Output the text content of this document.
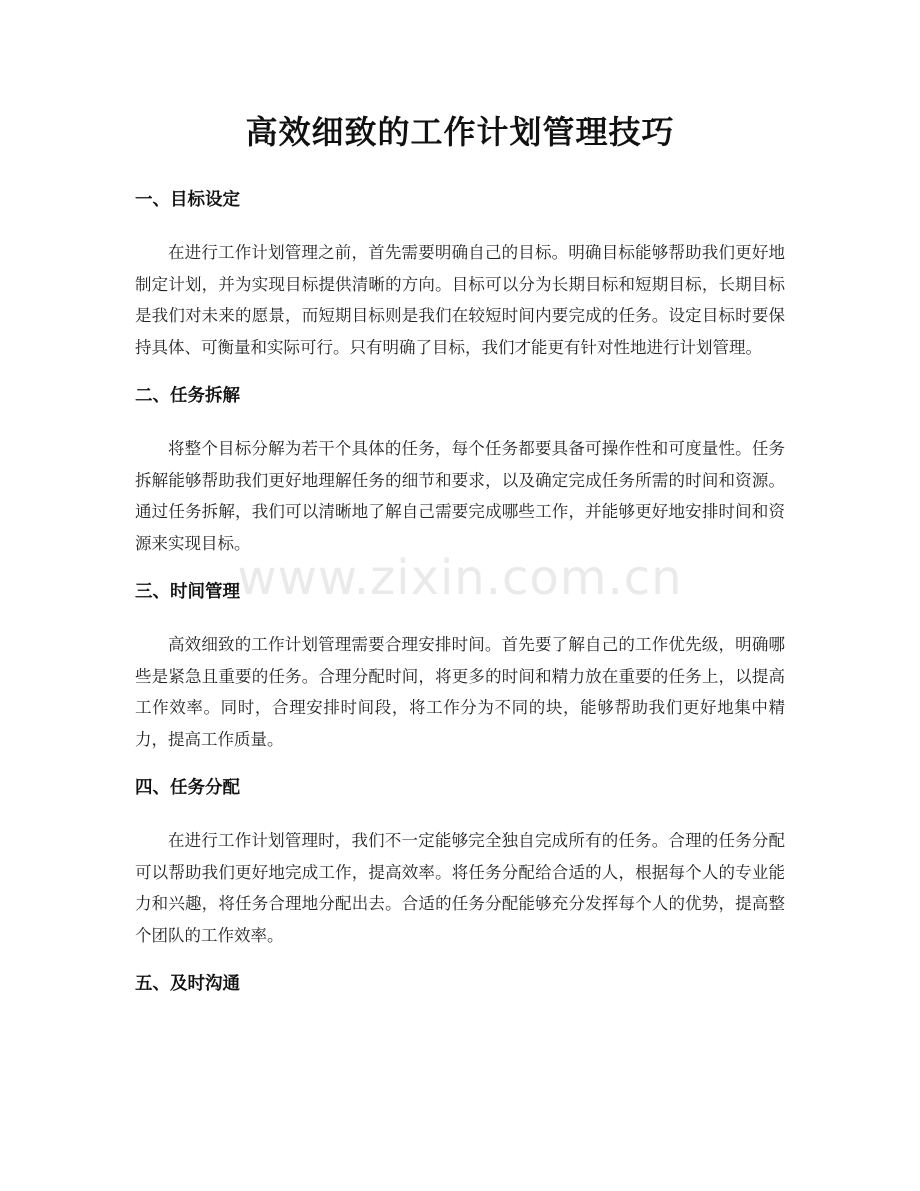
高效细致的工作计划管理技巧
一、目标设定

在进行工作计划管理之前，首先需要明确自己的目标。明确目标能够帮助我们更好地制定计划，并为实现目标提供清晰的方向。目标可以分为长期目标和短期目标，长期目标是我们对未来的愿景，而短期目标则是我们在较短时间内要完成的任务。设定目标时要保持具体、可衡量和实际可行。只有明确了目标，我们才能更有针对性地进行计划管理。

二、任务拆解

将整个目标分解为若干个具体的任务，每个任务都要具备可操作性和可度量性。任务拆解能够帮助我们更好地理解任务的细节和要求，以及确定完成任务所需的时间和资源。通过任务拆解，我们可以清晰地了解自己需要完成哪些工作，并能够更好地安排时间和资源来实现目标。

三、时间管理

高效细致的工作计划管理需要合理安排时间。首先要了解自己的工作优先级，明确哪些是紧急且重要的任务。合理分配时间，将更多的时间和精力放在重要的任务上，以提高工作效率。同时，合理安排时间段，将工作分为不同的块，能够帮助我们更好地集中精力，提高工作质量。

四、任务分配

在进行工作计划管理时，我们不一定能够完全独自完成所有的任务。合理的任务分配可以帮助我们更好地完成工作，提高效率。将任务分配给合适的人，根据每个人的专业能力和兴趣，将任务合理地分配出去。合适的任务分配能够充分发挥每个人的优势，提高整个团队的工作效率。

五、及时沟通
www.zixin.com.cn
